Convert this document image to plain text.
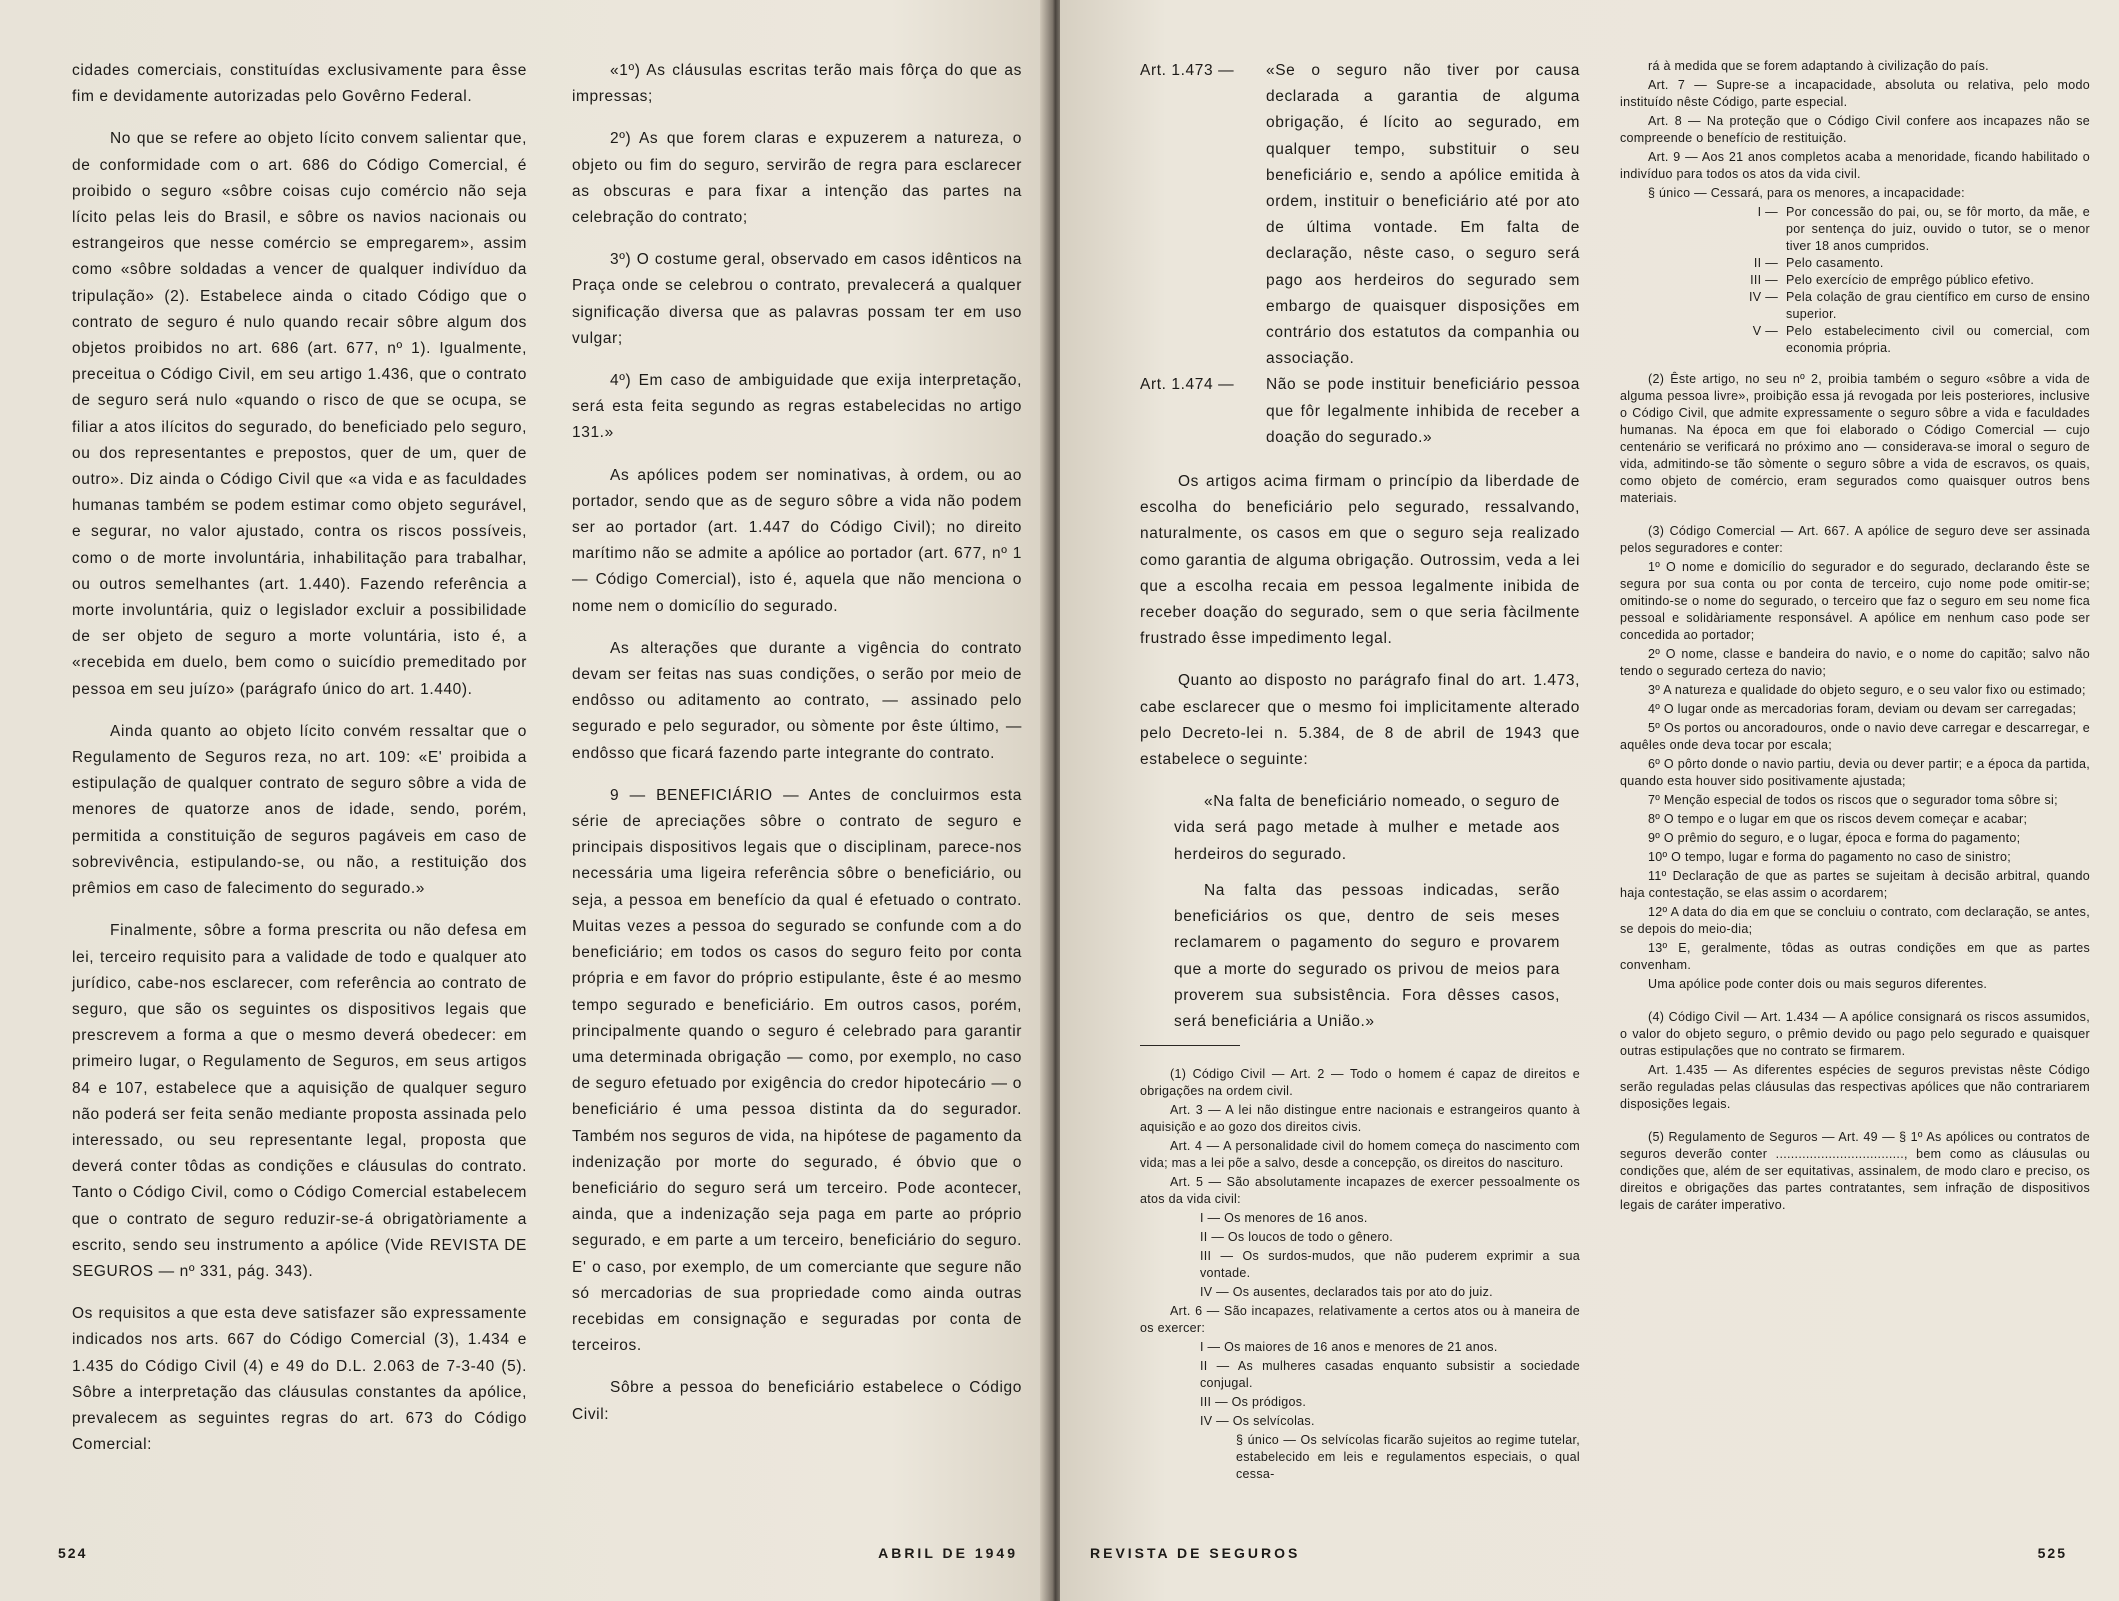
cidades comerciais, constituídas exclusivamente para êsse fim e devidamente autorizadas pelo Govêrno Federal.

No que se refere ao objeto lícito convem salientar que, de conformidade com o art. 686 do Código Comercial, é proibido o seguro «sôbre coisas cujo comércio não seja lícito pelas leis do Brasil, e sôbre os navios nacionais ou estrangeiros que nesse comércio se empregarem», assim como «sôbre soldadas a vencer de qualquer indivíduo da tripulação» (2). Estabelece ainda o citado Código que o contrato de seguro é nulo quando recair sôbre algum dos objetos proibidos no art. 686 (art. 677, nº 1). Igualmente, preceitua o Código Civil, em seu artigo 1.436, que o contrato de seguro será nulo «quando o risco de que se ocupa, se filiar a atos ilícitos do segurado, do beneficiado pelo seguro, ou dos representantes e prepostos, quer de um, quer de outro». Diz ainda o Código Civil que «a vida e as faculdades humanas também se podem estimar como objeto segurável, e segurar, no valor ajustado, contra os riscos possíveis, como o de morte involuntária, inhabilitação para trabalhar, ou outros semelhantes (art. 1.440). Fazendo referência a morte involuntária, quiz o legislador excluir a possibilidade de ser objeto de seguro a morte voluntária, isto é, a «recebida em duelo, bem como o suicídio premeditado por pessoa em seu juízo» (parágrafo único do art. 1.440).

Ainda quanto ao objeto lícito convém ressaltar que o Regulamento de Seguros reza, no art. 109: «E' proibida a estipulação de qualquer contrato de seguro sôbre a vida de menores de quatorze anos de idade, sendo, porém, permitida a constituição de seguros pagáveis em caso de sobrevivência, estipulando-se, ou não, a restituição dos prêmios em caso de falecimento do segurado.»

Finalmente, sôbre a forma prescrita ou não defesa em lei, terceiro requisito para a validade de todo e qualquer ato jurídico, cabe-nos esclarecer, com referência ao contrato de seguro, que são os seguintes os dispositivos legais que prescrevem a forma a que o mesmo deverá obedecer: em primeiro lugar, o Regulamento de Seguros, em seus artigos 84 e 107, estabelece que a aquisição de qualquer seguro não poderá ser feita senão mediante proposta assinada pelo interessado, ou seu representante legal, proposta que deverá conter tôdas as condições e cláusulas do contrato. Tanto o Código Civil, como o Código Comercial estabelecem que o contrato de seguro reduzir-se-á obrigatòriamente a escrito, sendo seu instrumento a apólice (Vide REVISTA DE SEGUROS — nº 331, pág. 343).

Os requisitos a que esta deve satisfazer são expressamente indicados nos arts. 667 do Código Comercial (3), 1.434 e 1.435 do Código Civil (4) e 49 do D.L. 2.063 de 7-3-40 (5). Sôbre a interpretação das cláusulas constantes da apólice, prevalecem as seguintes regras do art. 673 do Código Comercial:

«1º) As cláusulas escritas terão mais fôrça do que as impressas;

2º) As que forem claras e expuzerem a natureza, o objeto ou fim do seguro, servirão de regra para esclarecer as obscuras e para fixar a intenção das partes na celebração do contrato;

3º) O costume geral, observado em casos idênticos na Praça onde se celebrou o contrato, prevalecerá a qualquer significação diversa que as palavras possam ter em uso vulgar;

4º) Em caso de ambiguidade que exija interpretação, será esta feita segundo as regras estabelecidas no artigo 131.»

As apólices podem ser nominativas, à ordem, ou ao portador, sendo que as de seguro sôbre a vida não podem ser ao portador (art. 1.447 do Código Civil); no direito marítimo não se admite a apólice ao portador (art. 677, nº 1 — Código Comercial), isto é, aquela que não menciona o nome nem o domicílio do segurado.

As alterações que durante a vigência do contrato devam ser feitas nas suas condições, o serão por meio de endôsso ou aditamento ao contrato, — assinado pelo segurado e pelo segurador, ou sòmente por êste último, — endôsso que ficará fazendo parte integrante do contrato.

9 — BENEFICIÁRIO — Antes de concluirmos esta série de apreciações sôbre o contrato de seguro e principais dispositivos legais que o disciplinam, parece-nos necessária uma ligeira referência sôbre o beneficiário, ou seja, a pessoa em benefício da qual é efetuado o contrato. Muitas vezes a pessoa do segurado se confunde com a do beneficiário; em todos os casos do seguro feito por conta própria e em favor do próprio estipulante, êste é ao mesmo tempo segurado e beneficiário. Em outros casos, porém, principalmente quando o seguro é celebrado para garantir uma determinada obrigação — como, por exemplo, no caso de seguro efetuado por exigência do credor hipotecário — o beneficiário é uma pessoa distinta da do segurador. Também nos seguros de vida, na hipótese de pagamento da indenização por morte do segurado, é óbvio que o beneficiário do seguro será um terceiro. Pode acontecer, ainda, que a indenização seja paga em parte ao próprio segurado, e em parte a um terceiro, beneficiário do seguro. E' o caso, por exemplo, de um comerciante que segure não só mercadorias de sua propriedade como ainda outras recebidas em consignação e seguradas por conta de terceiros.

Sôbre a pessoa do beneficiário estabelece o Código Civil:

524	ABRIL DE 1949
Art. 1.473 —	«Se o seguro não tiver por causa declarada a garantia de alguma obrigação, é lícito ao segurado, em qualquer tempo, substituir o seu beneficiário e, sendo a apólice emitida à ordem, instituir o beneficiário até por ato de última vontade. Em falta de declaração, nêste caso, o seguro será pago aos herdeiros do segurado sem embargo de quaisquer disposições em contrário dos estatutos da companhia ou associação.
Art. 1.474 —	Não se pode instituir beneficiário pessoa que fôr legalmente inhibida de receber a doação do segurado.»

Os artigos acima firmam o princípio da liberdade de escolha do beneficiário pelo segurado, ressalvando, naturalmente, os casos em que o seguro seja realizado como garantia de alguma obrigação. Outrossim, veda a lei que a escolha recaia em pessoa legalmente inibida de receber doação do segurado, sem o que seria fàcilmente frustrado êsse impedimento legal.

Quanto ao disposto no parágrafo final do art. 1.473, cabe esclarecer que o mesmo foi implicitamente alterado pelo Decreto-lei n. 5.384, de 8 de abril de 1943 que estabelece o seguinte:

«Na falta de beneficiário nomeado, o seguro de vida será pago metade à mulher e metade aos herdeiros do segurado.

Na falta das pessoas indicadas, serão beneficiários os que, dentro de seis meses reclamarem o pagamento do seguro e provarem que a morte do segurado os privou de meios para proverem sua subsistência. Fora dêsses casos, será beneficiária a União.»

(1) Código Civil — Art. 2 — Todo o homem é capaz de direitos e obrigações na ordem civil.

Art. 3 — A lei não distingue entre nacionais e estrangeiros quanto à aquisição e ao gozo dos direitos civis.

Art. 4 — A personalidade civil do homem começa do nascimento com vida; mas a lei põe a salvo, desde a concepção, os direitos do nascituro.

Art. 5 — São absolutamente incapazes de exercer pessoalmente os atos da vida civil:

I — Os menores de 16 anos.

II — Os loucos de todo o gênero.

III — Os surdos-mudos, que não puderem exprimir a sua vontade.

IV — Os ausentes, declarados tais por ato do juiz.

Art. 6 — São incapazes, relativamente a certos atos ou à maneira de os exercer:

I — Os maiores de 16 anos e menores de 21 anos.

II — As mulheres casadas enquanto subsistir a sociedade conjugal.

III — Os pródigos.

IV — Os selvícolas.

§ único — Os selvícolas ficarão sujeitos ao regime tutelar, estabelecido em leis e regulamentos especiais, o qual cessa-

rá à medida que se forem adaptando à civilização do país.

Art. 7 — Supre-se a incapacidade, absoluta ou relativa, pelo modo instituído nêste Código, parte especial.

Art. 8 — Na proteção que o Código Civil confere aos incapazes não se compreende o benefício de restituição.

Art. 9 — Aos 21 anos completos acaba a menoridade, ficando habilitado o indivíduo para todos os atos da vida civil.

§ único — Cessará, para os menores, a incapacidade:

I — Por concessão do pai, ou, se fôr morto, da mãe, e por sentença do juiz, ouvido o tutor, se o menor tiver 18 anos cumpridos.
II — Pelo casamento.
III — Pelo exercício de emprêgo público efetivo.
IV — Pela colação de grau científico em curso de ensino superior.
V — Pelo estabelecimento civil ou comercial, com economia própria.

(2) Êste artigo, no seu nº 2, proibia também o seguro «sôbre a vida de alguma pessoa livre», proibição essa já revogada por leis posteriores, inclusive o Código Civil, que admite expressamente o seguro sôbre a vida e faculdades humanas. Na época em que foi elaborado o Código Comercial — cujo centenário se verificará no próximo ano — considerava-se imoral o seguro de vida, admitindo-se tão sòmente o seguro sôbre a vida de escravos, os quais, como objeto de comércio, eram segurados como quaisquer outros bens materiais.

(3) Código Comercial — Art. 667. A apólice de seguro deve ser assinada pelos seguradores e conter:

1º O nome e domicílio do segurador e do segurado, declarando êste se segura por sua conta ou por conta de terceiro, cujo nome pode omitir-se; omitindo-se o nome do segurado, o terceiro que faz o seguro em seu nome fica pessoal e solidàriamente responsável. A apólice em nenhum caso pode ser concedida ao portador;

2º O nome, classe e bandeira do navio, e o nome do capitão; salvo não tendo o segurado certeza do navio;

3º A natureza e qualidade do objeto seguro, e o seu valor fixo ou estimado;

4º O lugar onde as mercadorias foram, deviam ou devam ser carregadas;

5º Os portos ou ancoradouros, onde o navio deve carregar e descarregar, e aquêles onde deva tocar por escala;

6º O pôrto donde o navio partiu, devia ou dever partir; e a época da partida, quando esta houver sido positivamente ajustada;

7º Menção especial de todos os riscos que o segurador toma sôbre si;

8º O tempo e o lugar em que os riscos devem começar e acabar;

9º O prêmio do seguro, e o lugar, época e forma do pagamento;

10º O tempo, lugar e forma do pagamento no caso de sinistro;

11º Declaração de que as partes se sujeitam à decisão arbitral, quando haja contestação, se elas assim o acordarem;

12º A data do dia em que se concluiu o contrato, com declaração, se antes, se depois do meio-dia;

13º E, geralmente, tôdas as outras condições em que as partes convenham.

Uma apólice pode conter dois ou mais seguros diferentes.

(4) Código Civil — Art. 1.434 — A apólice consignará os riscos assumidos, o valor do objeto seguro, o prêmio devido ou pago pelo segurado e quaisquer outras estipulações que no contrato se firmarem.

Art. 1.435 — As diferentes espécies de seguros previstas nêste Código serão reguladas pelas cláusulas das respectivas apólices que não contrariarem disposições legais.

(5) Regulamento de Seguros — Art. 49 — § 1º As apólices ou contratos de seguros deverão conter .................................., bem como as cláusulas ou condições que, além de ser equitativas, assinalem, de modo claro e preciso, os direitos e obrigações das partes contratantes, sem infração de dispositivos legais de caráter imperativo.

REVISTA DE SEGUROS	525
